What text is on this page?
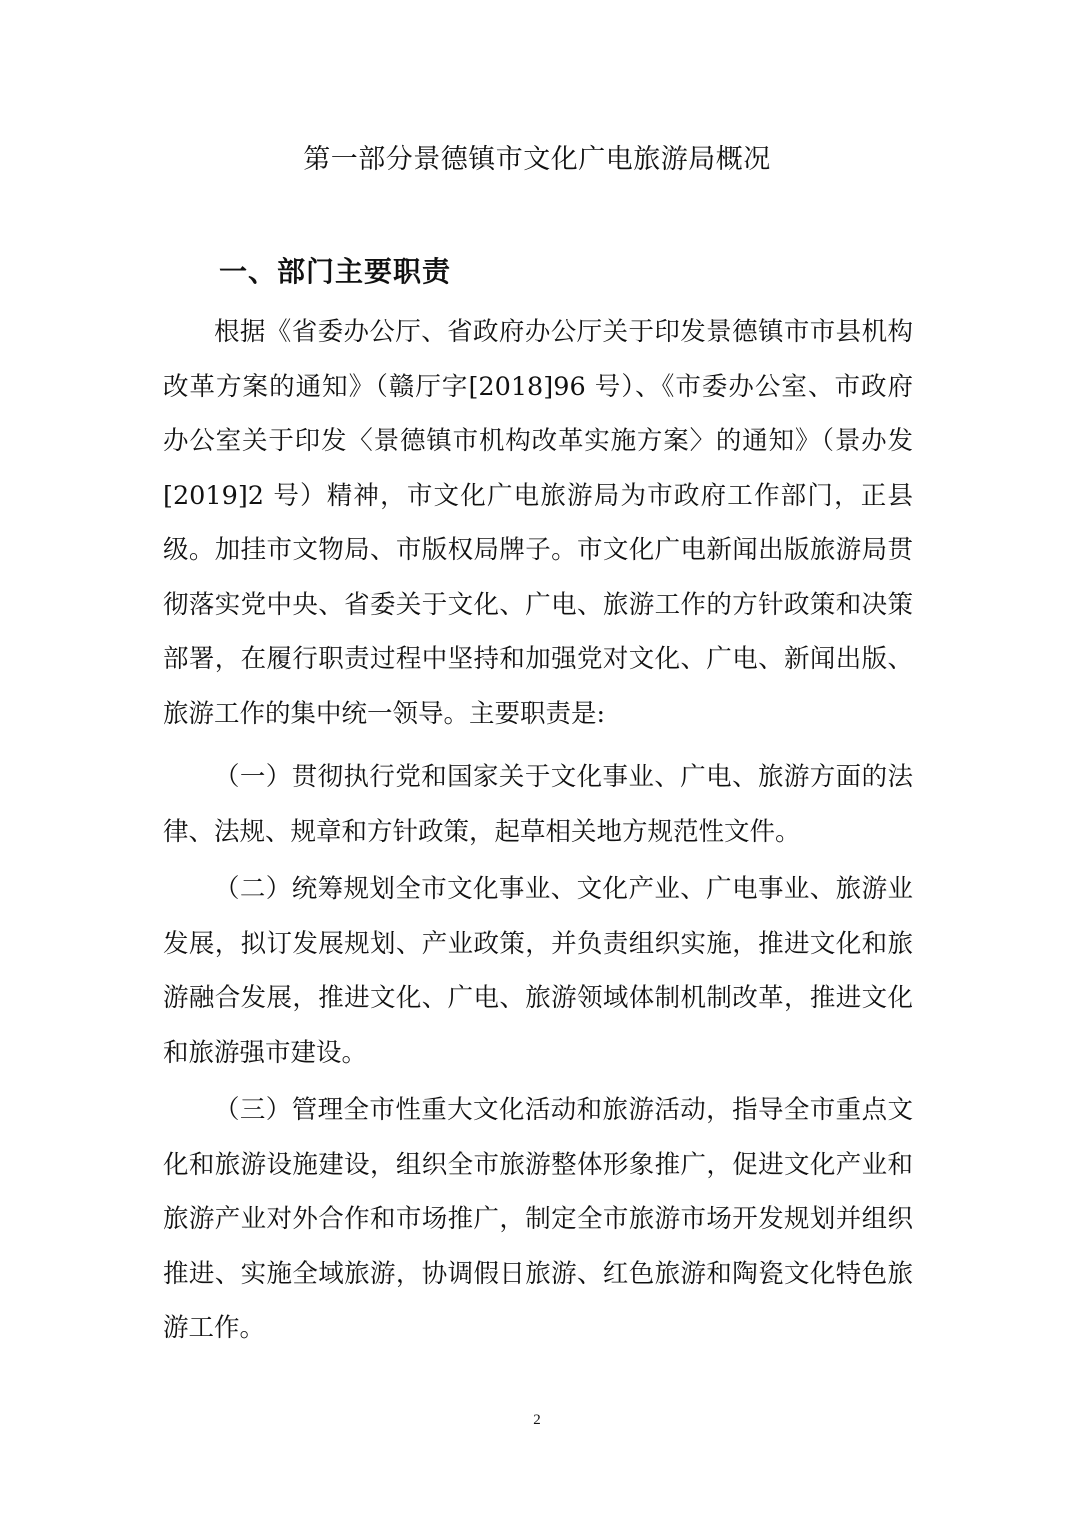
第一部分景德镇市文化广电旅游局概况
一、部门主要职责

根据《省委办公厅、省政府办公厅关于印发景德镇市市县机构改革方案的通知》（赣厅字[2018]96 号）、《市委办公室、市政府办公室关于印发〈景德镇市机构改革实施方案〉的通知》（景办发[2019]2 号）精神，市文化广电旅游局为市政府工作部门，正县级。加挂市文物局、市版权局牌子。市文化广电新闻出版旅游局贯彻落实党中央、省委关于文化、广电、旅游工作的方针政策和决策部署，在履行职责过程中坚持和加强党对文化、广电、新闻出版、旅游工作的集中统一领导。主要职责是:

（一）贯彻执行党和国家关于文化事业、广电、旅游方面的法律、法规、规章和方针政策，起草相关地方规范性文件。

（二）统筹规划全市文化事业、文化产业、广电事业、旅游业发展，拟订发展规划、产业政策，并负责组织实施，推进文化和旅游融合发展，推进文化、广电、旅游领域体制机制改革，推进文化和旅游强市建设。

（三）管理全市性重大文化活动和旅游活动，指导全市重点文化和旅游设施建设，组织全市旅游整体形象推广，促进文化产业和旅游产业对外合作和市场推广，制定全市旅游市场开发规划并组织推进、实施全域旅游，协调假日旅游、红色旅游和陶瓷文化特色旅游工作。

2
